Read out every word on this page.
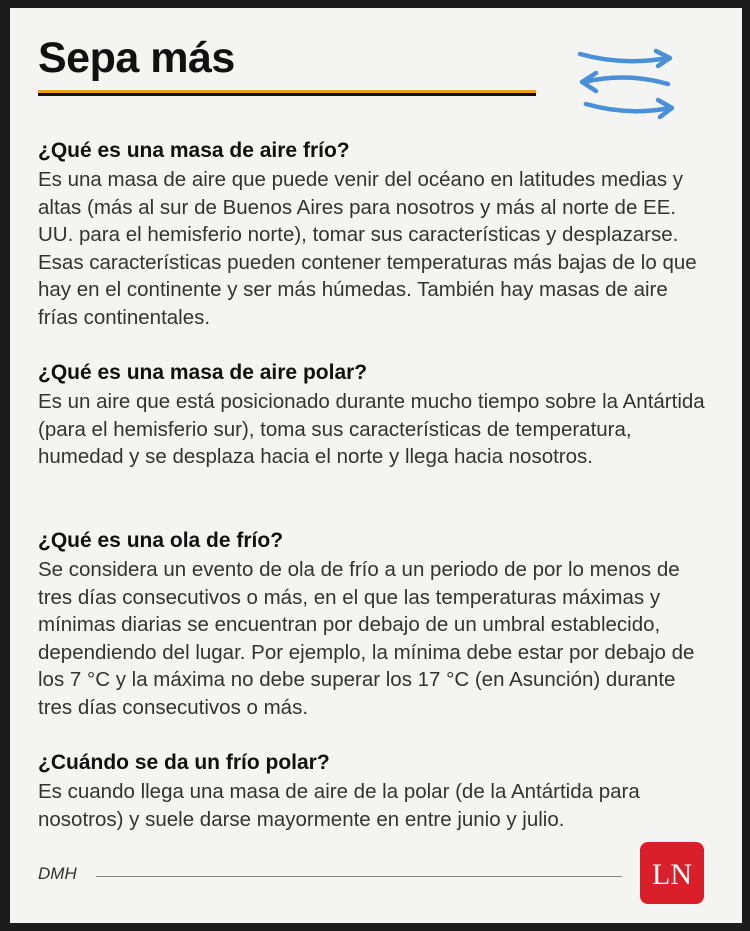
Sepa más
¿Qué es una masa de aire frío?

Es una masa de aire que puede venir del océano en latitudes medias y altas (más al sur de Buenos Aires para nosotros y más al norte de EE. UU. para el hemisferio norte), tomar sus características y desplazarse. Esas características pueden contener temperaturas más bajas de lo que hay en el continente y ser más húmedas. También hay masas de aire frías continentales.

¿Qué es una masa de aire polar?

Es un aire que está posicionado durante mucho tiempo sobre la Antártida (para el hemisferio sur), toma sus características de temperatura, humedad y se desplaza hacia el norte y llega hacia nosotros.

¿Qué es una ola de frío?

Se considera un evento de ola de frío a un periodo de por lo menos de tres días consecutivos o más, en el que las temperaturas máximas y mínimas diarias se encuentran por debajo de un umbral establecido, dependiendo del lugar. Por ejemplo, la mínima debe estar por debajo de los 7 °C y la máxima no debe superar los 17 °C (en Asunción) durante tres días consecutivos o más.

¿Cuándo se da un frío polar?

Es cuando llega una masa de aire de la polar (de la Antártida para nosotros) y suele darse mayormente en entre junio y julio.

DMH	LN
